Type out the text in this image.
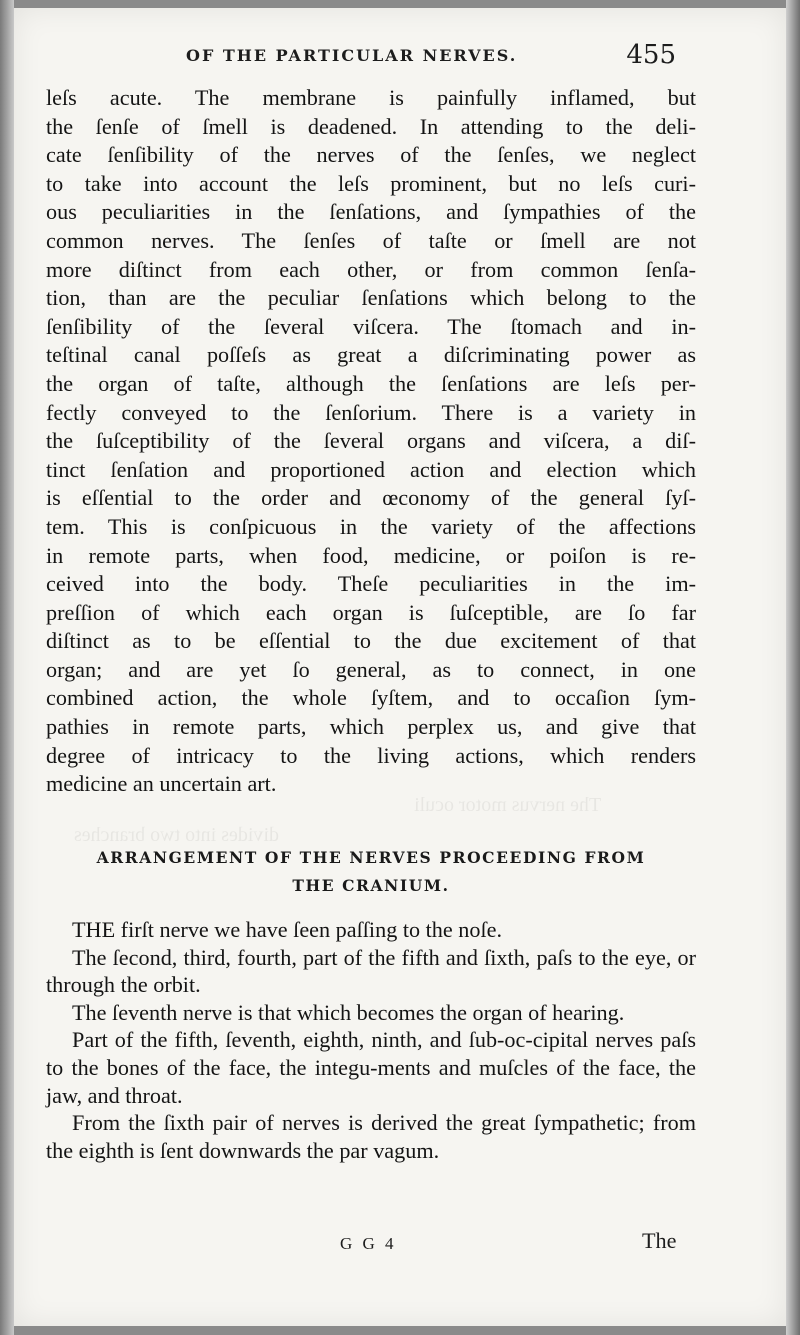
The nervus motor oculi
divides into two branches
OF THE PARTICULAR NERVES.	455

leſs acute. The membrane is painfully inflamed, but

the ſenſe of ſmell is deadened. In attending to the deli-

cate ſenſibility of the nerves of the ſenſes, we neglect

to take into account the leſs prominent, but no leſs curi-

ous peculiarities in the ſenſations, and ſympathies of the

common nerves. The ſenſes of taſte or ſmell are not

more diſtinct from each other, or from common ſenſa-

tion, than are the peculiar ſenſations which belong to the

ſenſibility of the ſeveral viſcera. The ſtomach and in-

teſtinal canal poſſeſs as great a diſcriminating power as

the organ of taſte, although the ſenſations are leſs per-

fectly conveyed to the ſenſorium. There is a variety in

the ſuſceptibility of the ſeveral organs and viſcera, a diſ-

tinct ſenſation and proportioned action and election which

is eſſential to the order and œconomy of the general ſyſ-

tem. This is conſpicuous in the variety of the affections

in remote parts, when food, medicine, or poiſon is re-

ceived into the body. Theſe peculiarities in the im-

preſſion of which each organ is ſuſceptible, are ſo far

diſtinct as to be eſſential to the due excitement of that

organ; and are yet ſo general, as to connect, in one

combined action, the whole ſyſtem, and to occaſion ſym-

pathies in remote parts, which perplex us, and give that

degree of intricacy to the living actions, which renders

medicine an uncertain art.

ARRANGEMENT OF THE NERVES PROCEEDING FROM
THE CRANIUM.

THE firſt nerve we have ſeen paſſing to the noſe.

The ſecond, third, fourth, part of the fifth and ſixth, paſs to the eye, or through the orbit.

The ſeventh nerve is that which becomes the organ of hearing.

Part of the fifth, ſeventh, eighth, ninth, and ſub-oc-cipital nerves paſs to the bones of the face, the integu-ments and muſcles of the face, the jaw, and throat.

From the ſixth pair of nerves is derived the great ſympathetic; from the eighth is ſent downwards the par vagum.

G G 4	The
